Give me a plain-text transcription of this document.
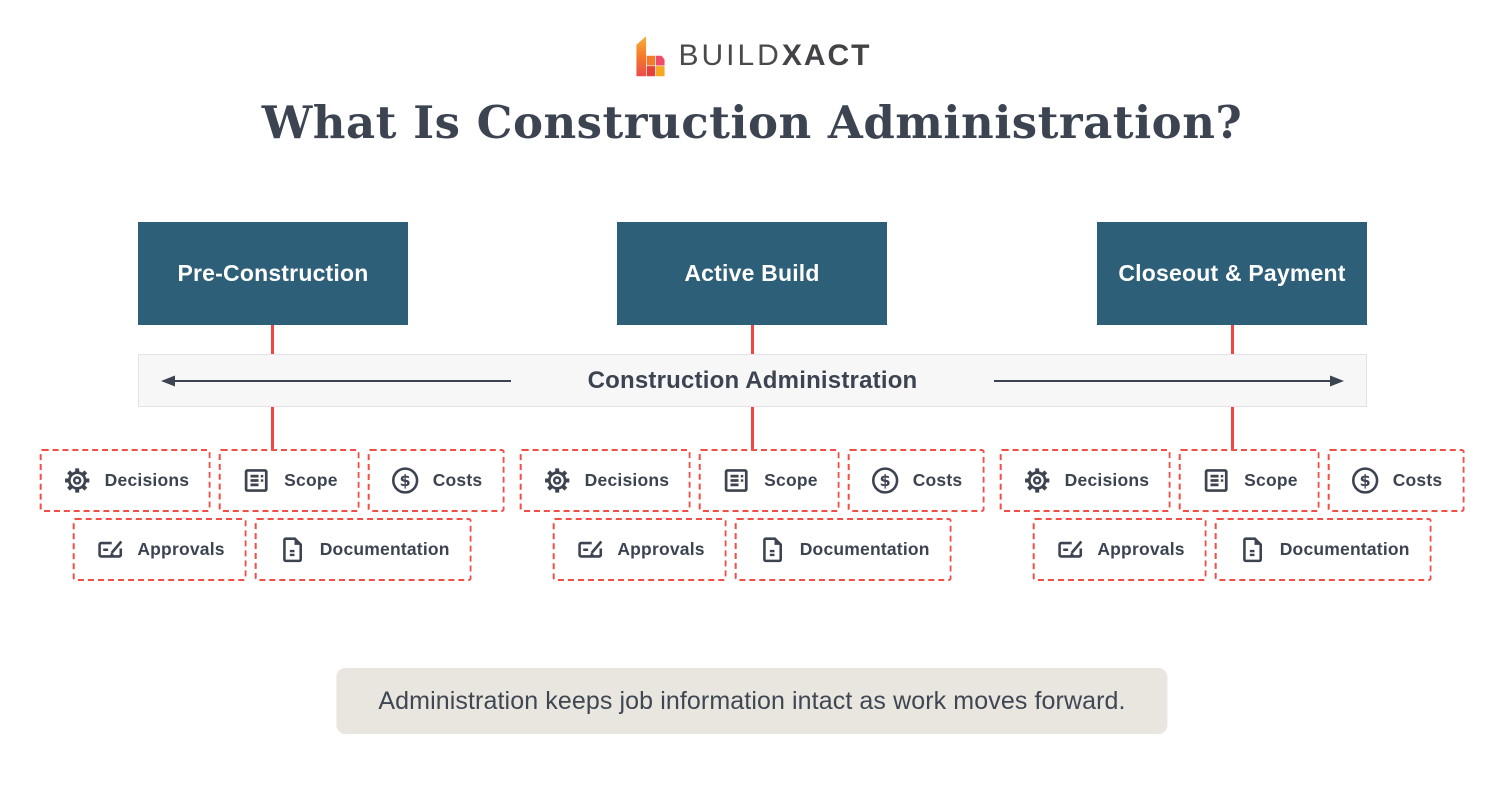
BUILD XACT
What Is Construction Administration?
Pre-Construction	Active Build	Closeout & Payment
Construction Administration
Decisions	Scope	Costs
Approvals	Documentation
Decisions	Scope	Costs
Approvals	Documentation
Decisions	Scope	Costs
Approvals	Documentation
Administration keeps job information intact as work moves forward.
